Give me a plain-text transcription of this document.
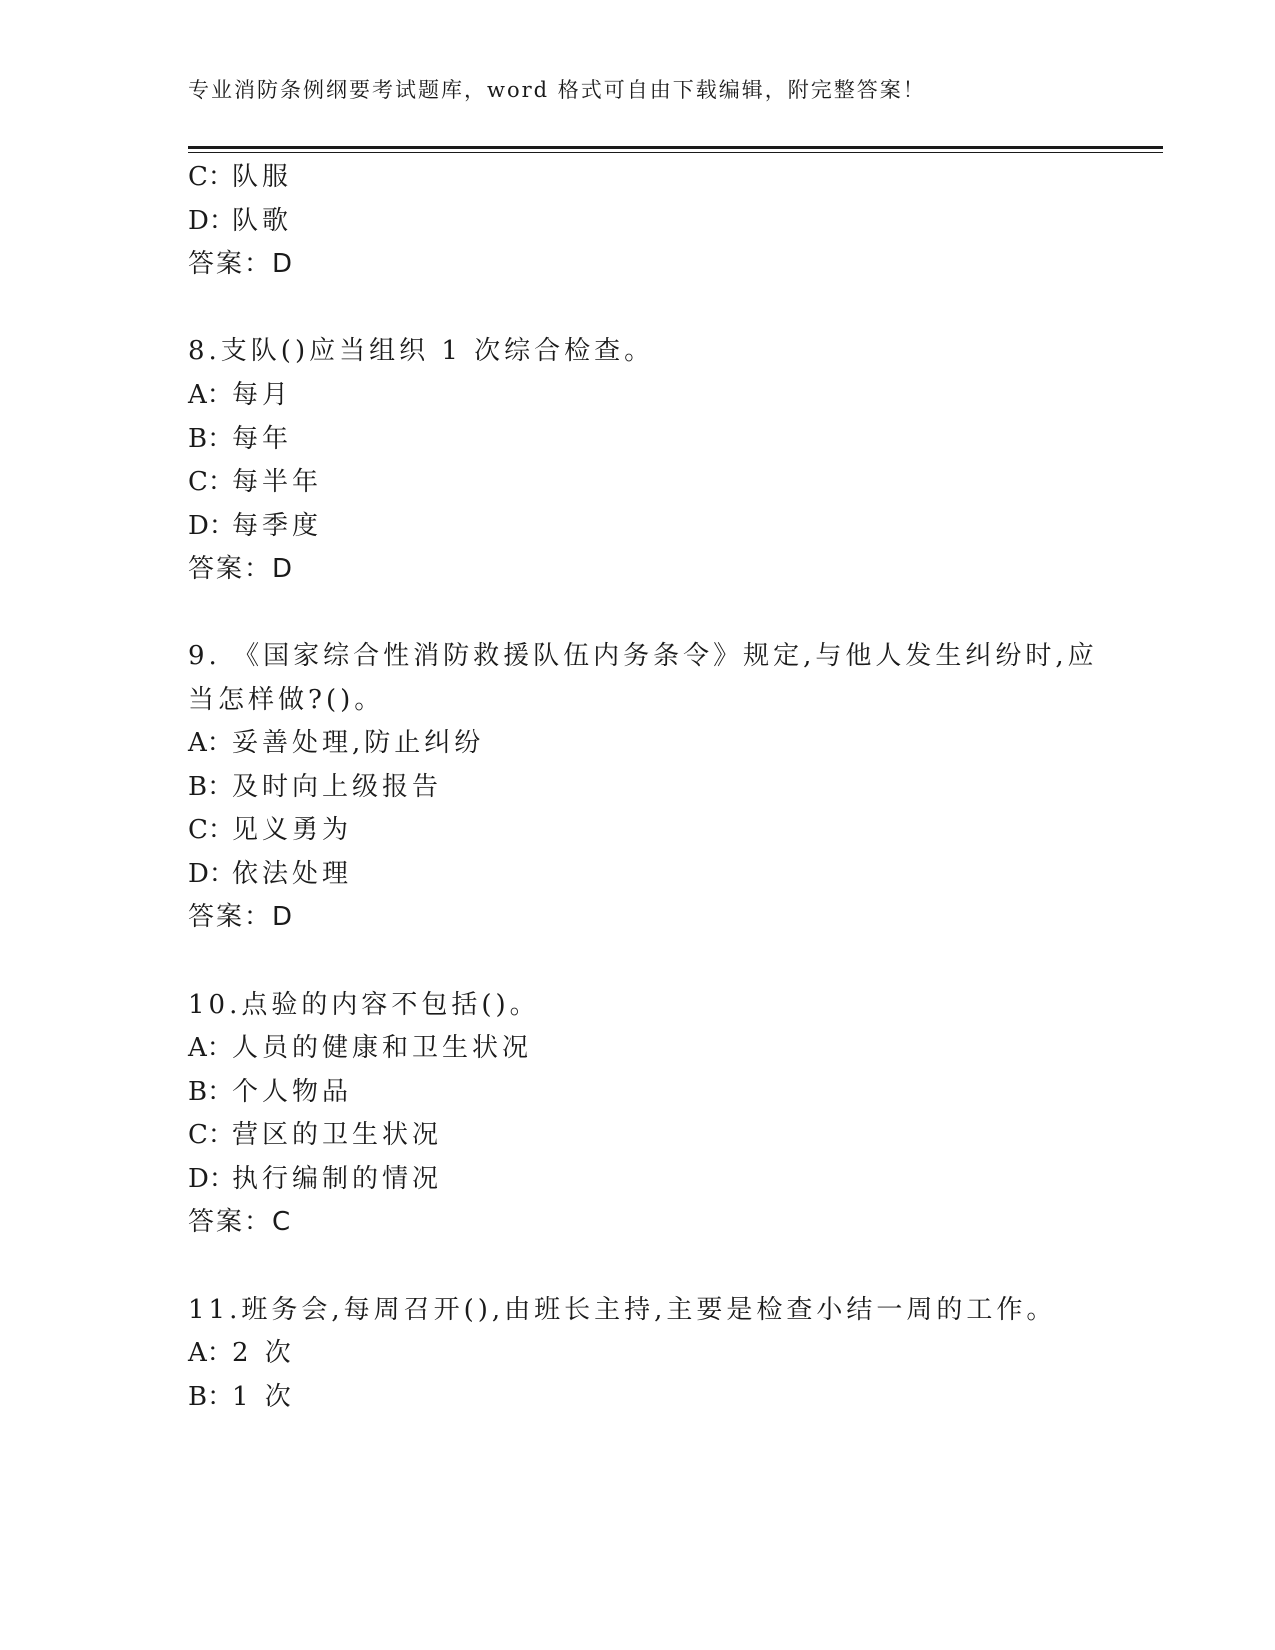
专业消防条例纲要考试题库，word 格式可自由下载编辑，附完整答案！
C：队服
D：队歌
答案：D
8.支队()应当组织 1 次综合检查。
A：每月
B：每年
C：每半年
D：每季度
答案：D
9. 《国家综合性消防救援队伍内务条令》规定,与他人发生纠纷时,应
当怎样做?()。
A：妥善处理,防止纠纷
B：及时向上级报告
C：见义勇为
D：依法处理
答案：D
10.点验的内容不包括()。
A：人员的健康和卫生状况
B：个人物品
C：营区的卫生状况
D：执行编制的情况
答案：C
11.班务会,每周召开(),由班长主持,主要是检查小结一周的工作。
A：2 次
B：1 次
